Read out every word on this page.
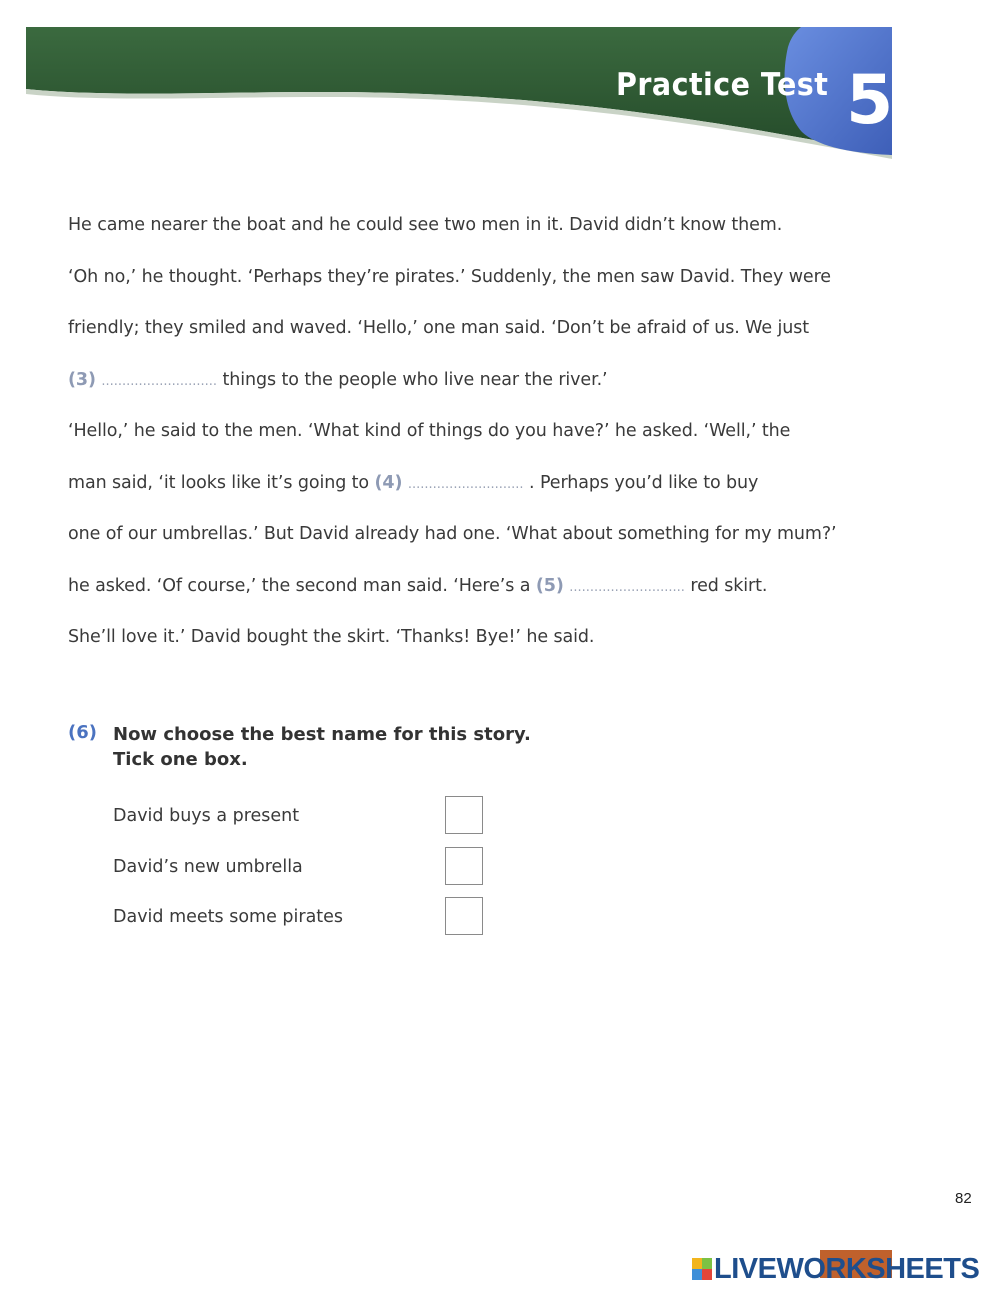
Practice Test 5
He came nearer the boat and he could see two men in it. David didn’t know them.
‘Oh no,’ he thought. ‘Perhaps they’re pirates.’ Suddenly, the men saw David. They were
friendly; they smiled and waved. ‘Hello,’ one man said. ‘Don’t be afraid of us. We just
(3) ............................ things to the people who live near the river.’
‘Hello,’ he said to the men. ‘What kind of things do you have?’ he asked. ‘Well,’ the
man said, ‘it looks like it’s going to (4) ............................ . Perhaps you’d like to buy
one of our umbrellas.’ But David already had one. ‘What about something for my mum?’
he asked. ‘Of course,’ the second man said. ‘Here’s a (5) ............................ red skirt.
She’ll love it.’ David bought the skirt. ‘Thanks! Bye!’ he said.
(6) Now choose the best name for this story.
Tick one box.
David buys a present
David’s new umbrella
David meets some pirates
82
LIVEWORKSHEETS
